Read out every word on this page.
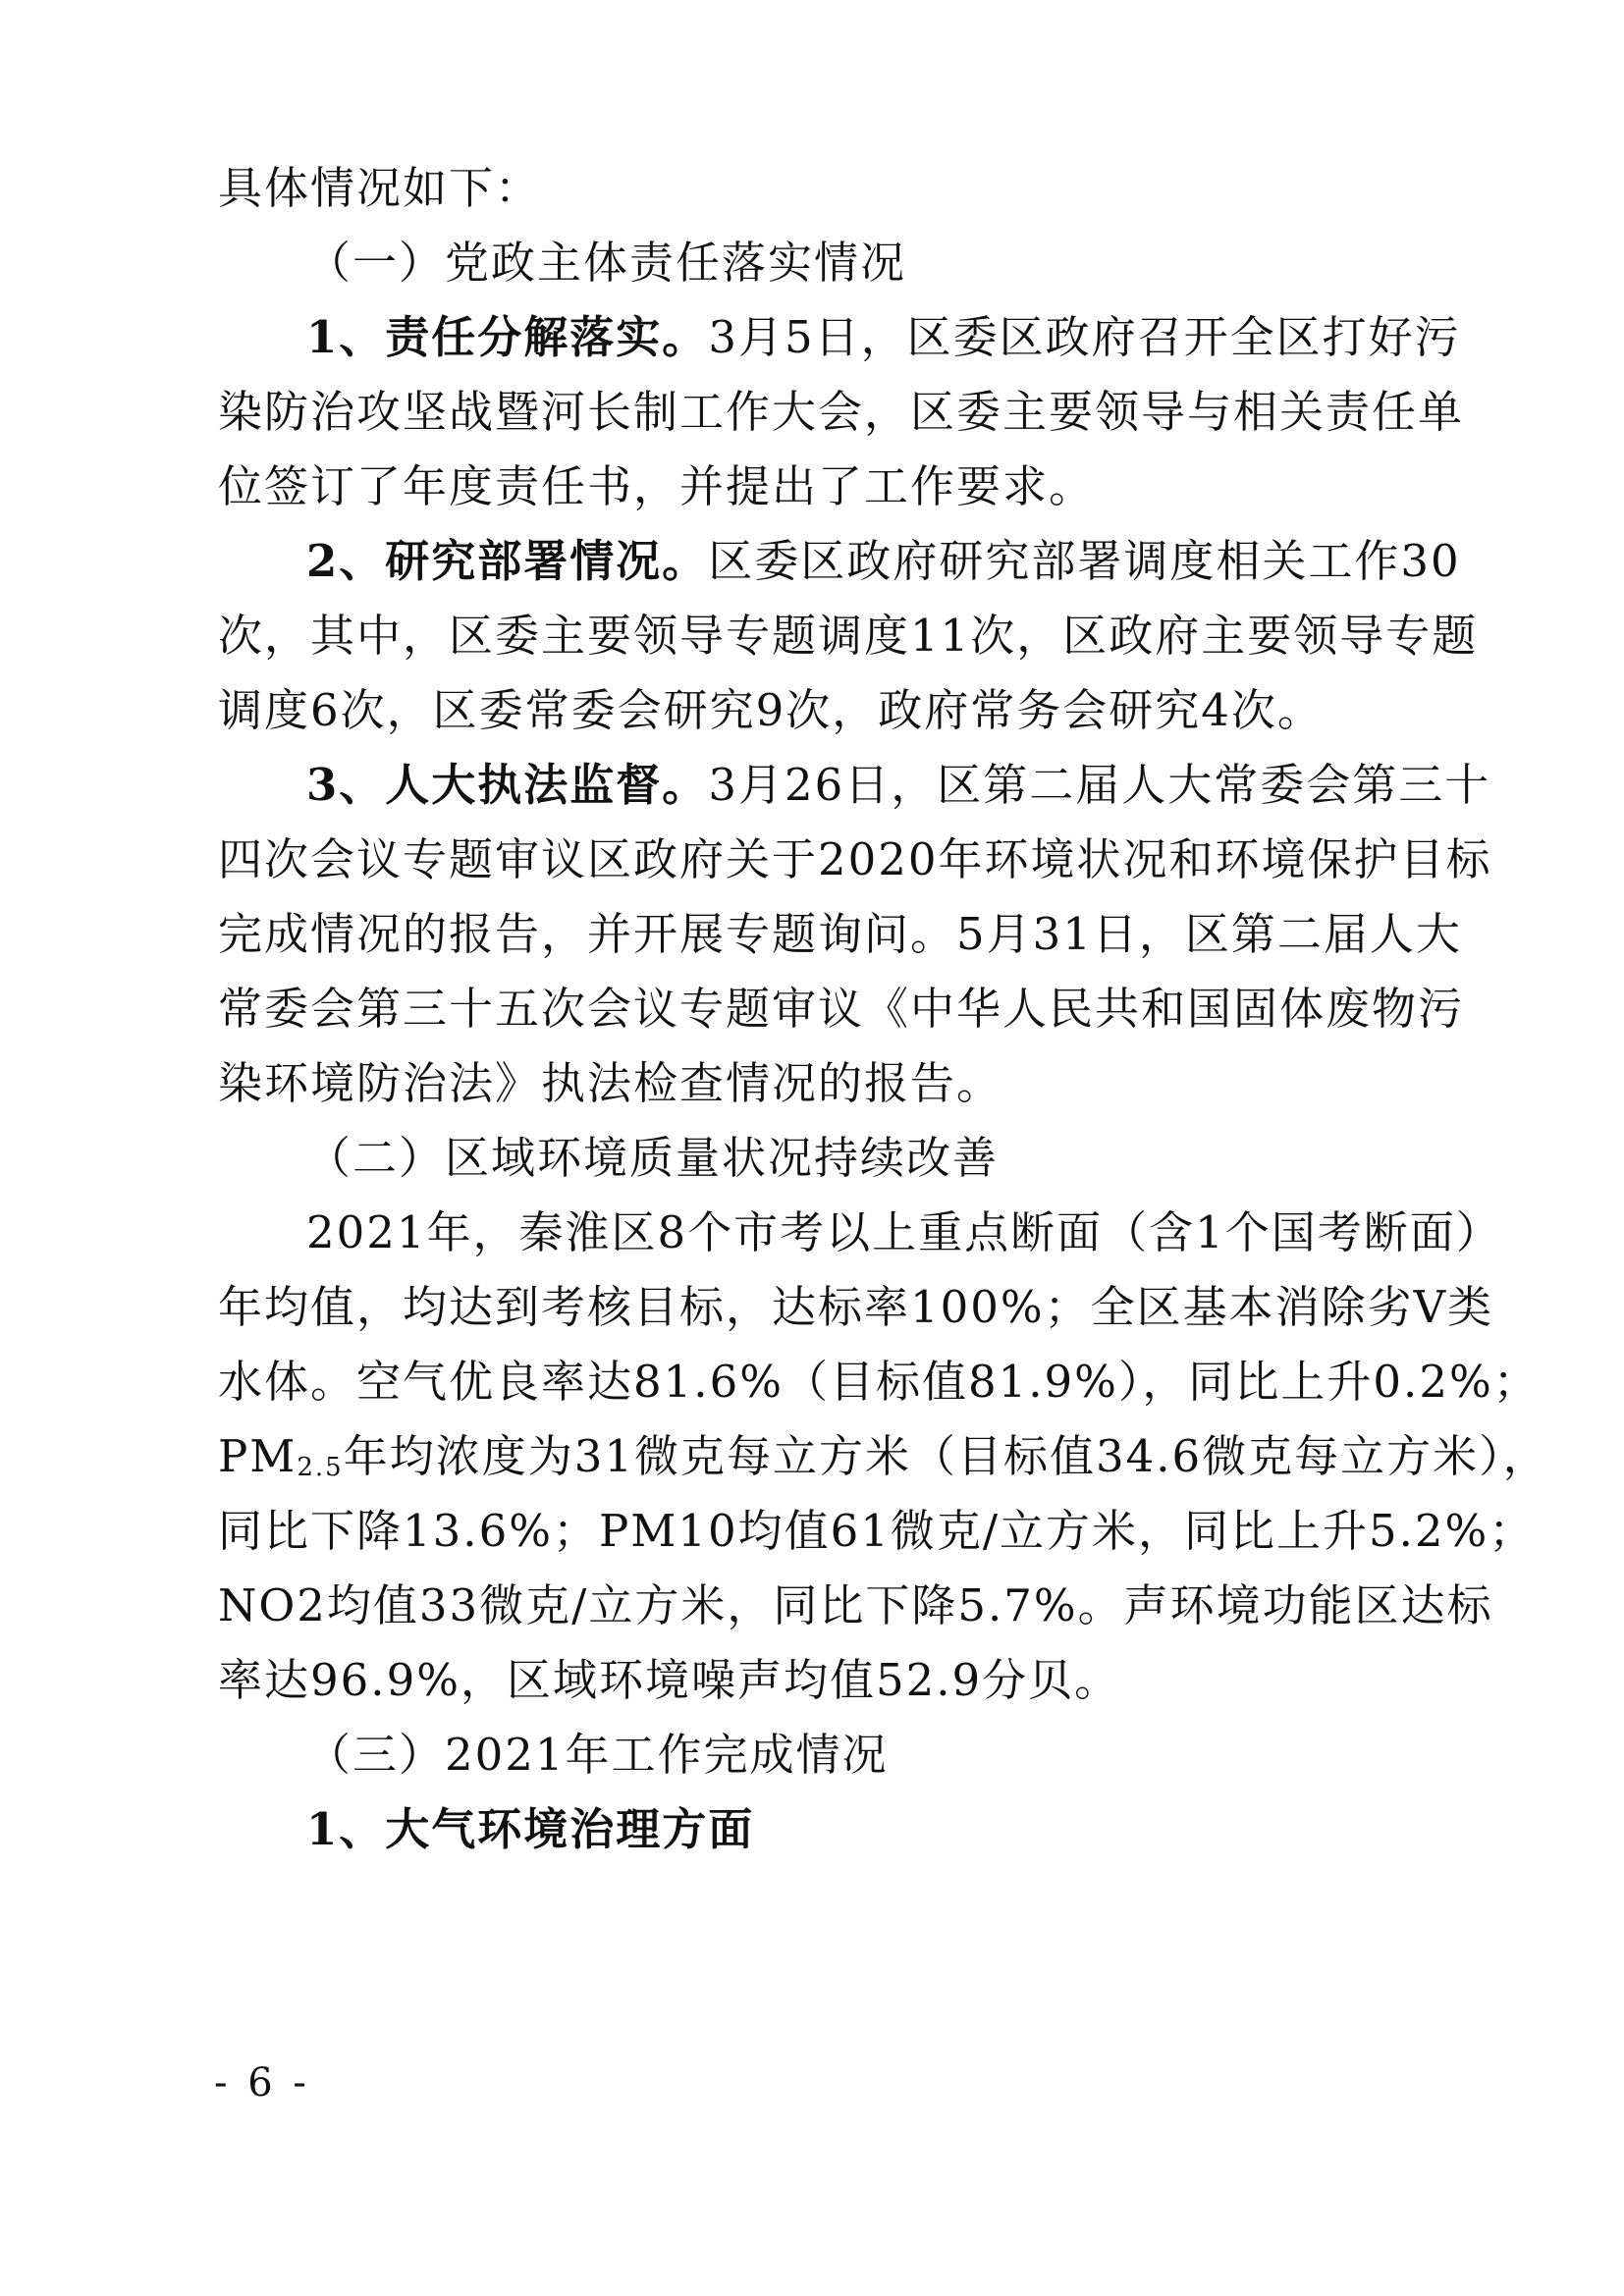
具体情况如下：
（一）党政主体责任落实情况
1、责任分解落实。3月5日，区委区政府召开全区打好污
染防治攻坚战暨河长制工作大会，区委主要领导与相关责任单
位签订了年度责任书，并提出了工作要求。
2、研究部署情况。区委区政府研究部署调度相关工作30
次，其中，区委主要领导专题调度11次，区政府主要领导专题
调度6次，区委常委会研究9次，政府常务会研究4次。
3、人大执法监督。3月26日，区第二届人大常委会第三十
四次会议专题审议区政府关于2020年环境状况和环境保护目标
完成情况的报告，并开展专题询问。5月31日，区第二届人大
常委会第三十五次会议专题审议《中华人民共和国固体废物污
染环境防治法》执法检查情况的报告。
（二）区域环境质量状况持续改善
2021年，秦淮区8个市考以上重点断面（含1个国考断面）
年均值，均达到考核目标，达标率100%；全区基本消除劣V类
水体。空气优良率达81.6%（目标值81.9%），同比上升0.2%；
PM2.5年均浓度为31微克每立方米（目标值34.6微克每立方米），
同比下降13.6%；PM10均值61微克/立方米，同比上升5.2%；
NO2均值33微克/立方米，同比下降5.7%。声环境功能区达标
率达96.9%，区域环境噪声均值52.9分贝。
（三）2021年工作完成情况
1、大气环境治理方面
- 6 -
